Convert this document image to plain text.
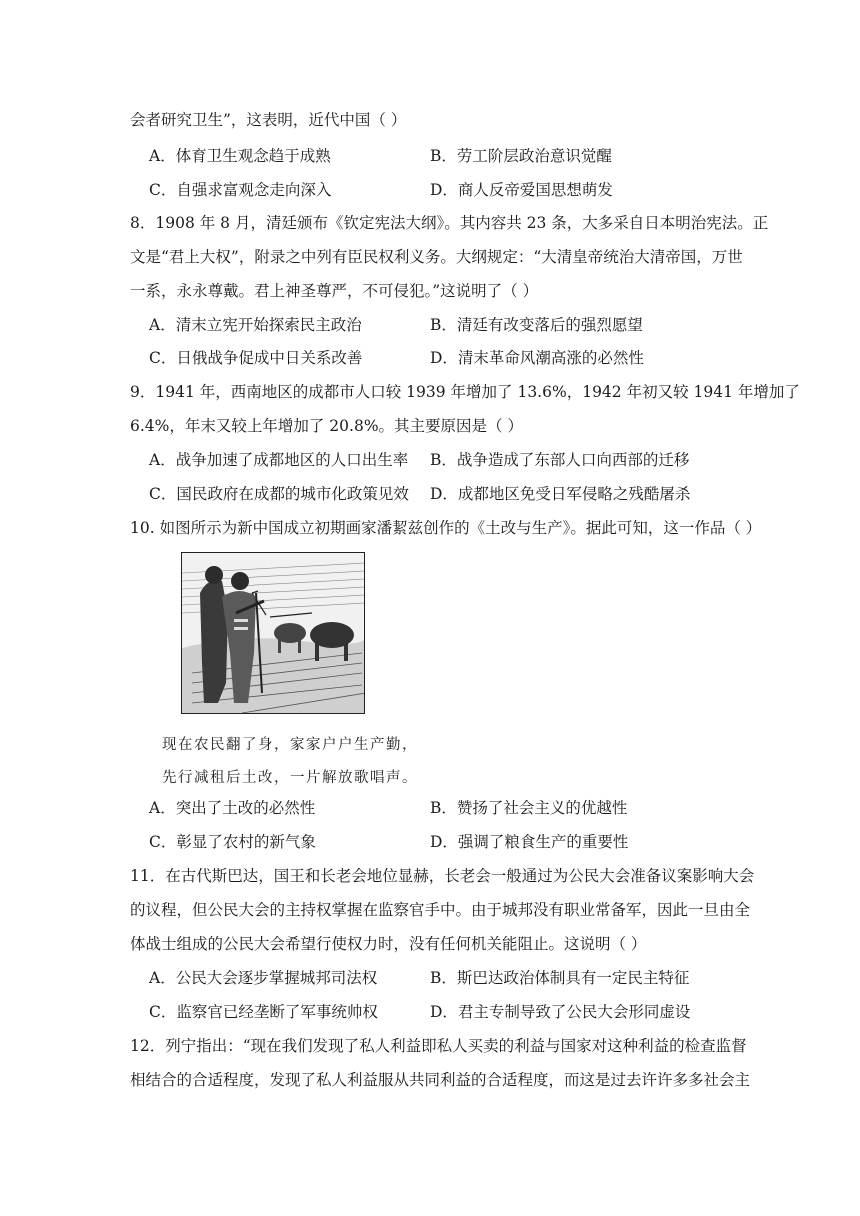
会者研究卫生”，这表明，近代中国（ ）
A．体育卫生观念趋于成熟	B．劳工阶层政治意识觉醒
C．自强求富观念走向深入	D．商人反帝爱国思想萌发
8．1908 年 8 月，清廷颁布《钦定宪法大纲》。其内容共 23 条，大多采自日本明治宪法。正
文是“君上大权”，附录之中列有臣民权利义务。大纲规定：“大清皇帝统治大清帝国，万世
一系，永永尊戴。君上神圣尊严，不可侵犯。”这说明了（ ）
A．清末立宪开始探索民主政治	B．清廷有改变落后的强烈愿望
C．日俄战争促成中日关系改善	D．清末革命风潮高涨的必然性
9．1941 年，西南地区的成都市人口较 1939 年增加了 13.6%，1942 年初又较 1941 年增加了
6.4%，年末又较上年增加了 20.8%。其主要原因是（ ）
A．战争加速了成都地区的人口出生率 B．战争造成了东部人口向西部的迁移
C．国民政府在成都的城市化政策见效 D．成都地区免受日军侵略之残酷屠杀
10. 如图所示为新中国成立初期画家潘絜兹创作的《土改与生产》。据此可知，这一作品（ ）
现在农民翻了身，家家户户生产勤，
先行减租后土改，一片解放歌唱声。
A．突出了土改的必然性	B．赞扬了社会主义的优越性
C．彰显了农村的新气象	D．强调了粮食生产的重要性
11．在古代斯巴达，国王和长老会地位显赫，长老会一般通过为公民大会准备议案影响大会
的议程，但公民大会的主持权掌握在监察官手中。由于城邦没有职业常备军，因此一旦由全
体战士组成的公民大会希望行使权力时，没有任何机关能阻止。这说明（ ）
A．公民大会逐步掌握城邦司法权	B．斯巴达政治体制具有一定民主特征
C．监察官已经垄断了军事统帅权	D．君主专制导致了公民大会形同虚设
12．列宁指出：“现在我们发现了私人利益即私人买卖的利益与国家对这种利益的检查监督
相结合的合适程度，发现了私人利益服从共同利益的合适程度，而这是过去许许多多社会主
